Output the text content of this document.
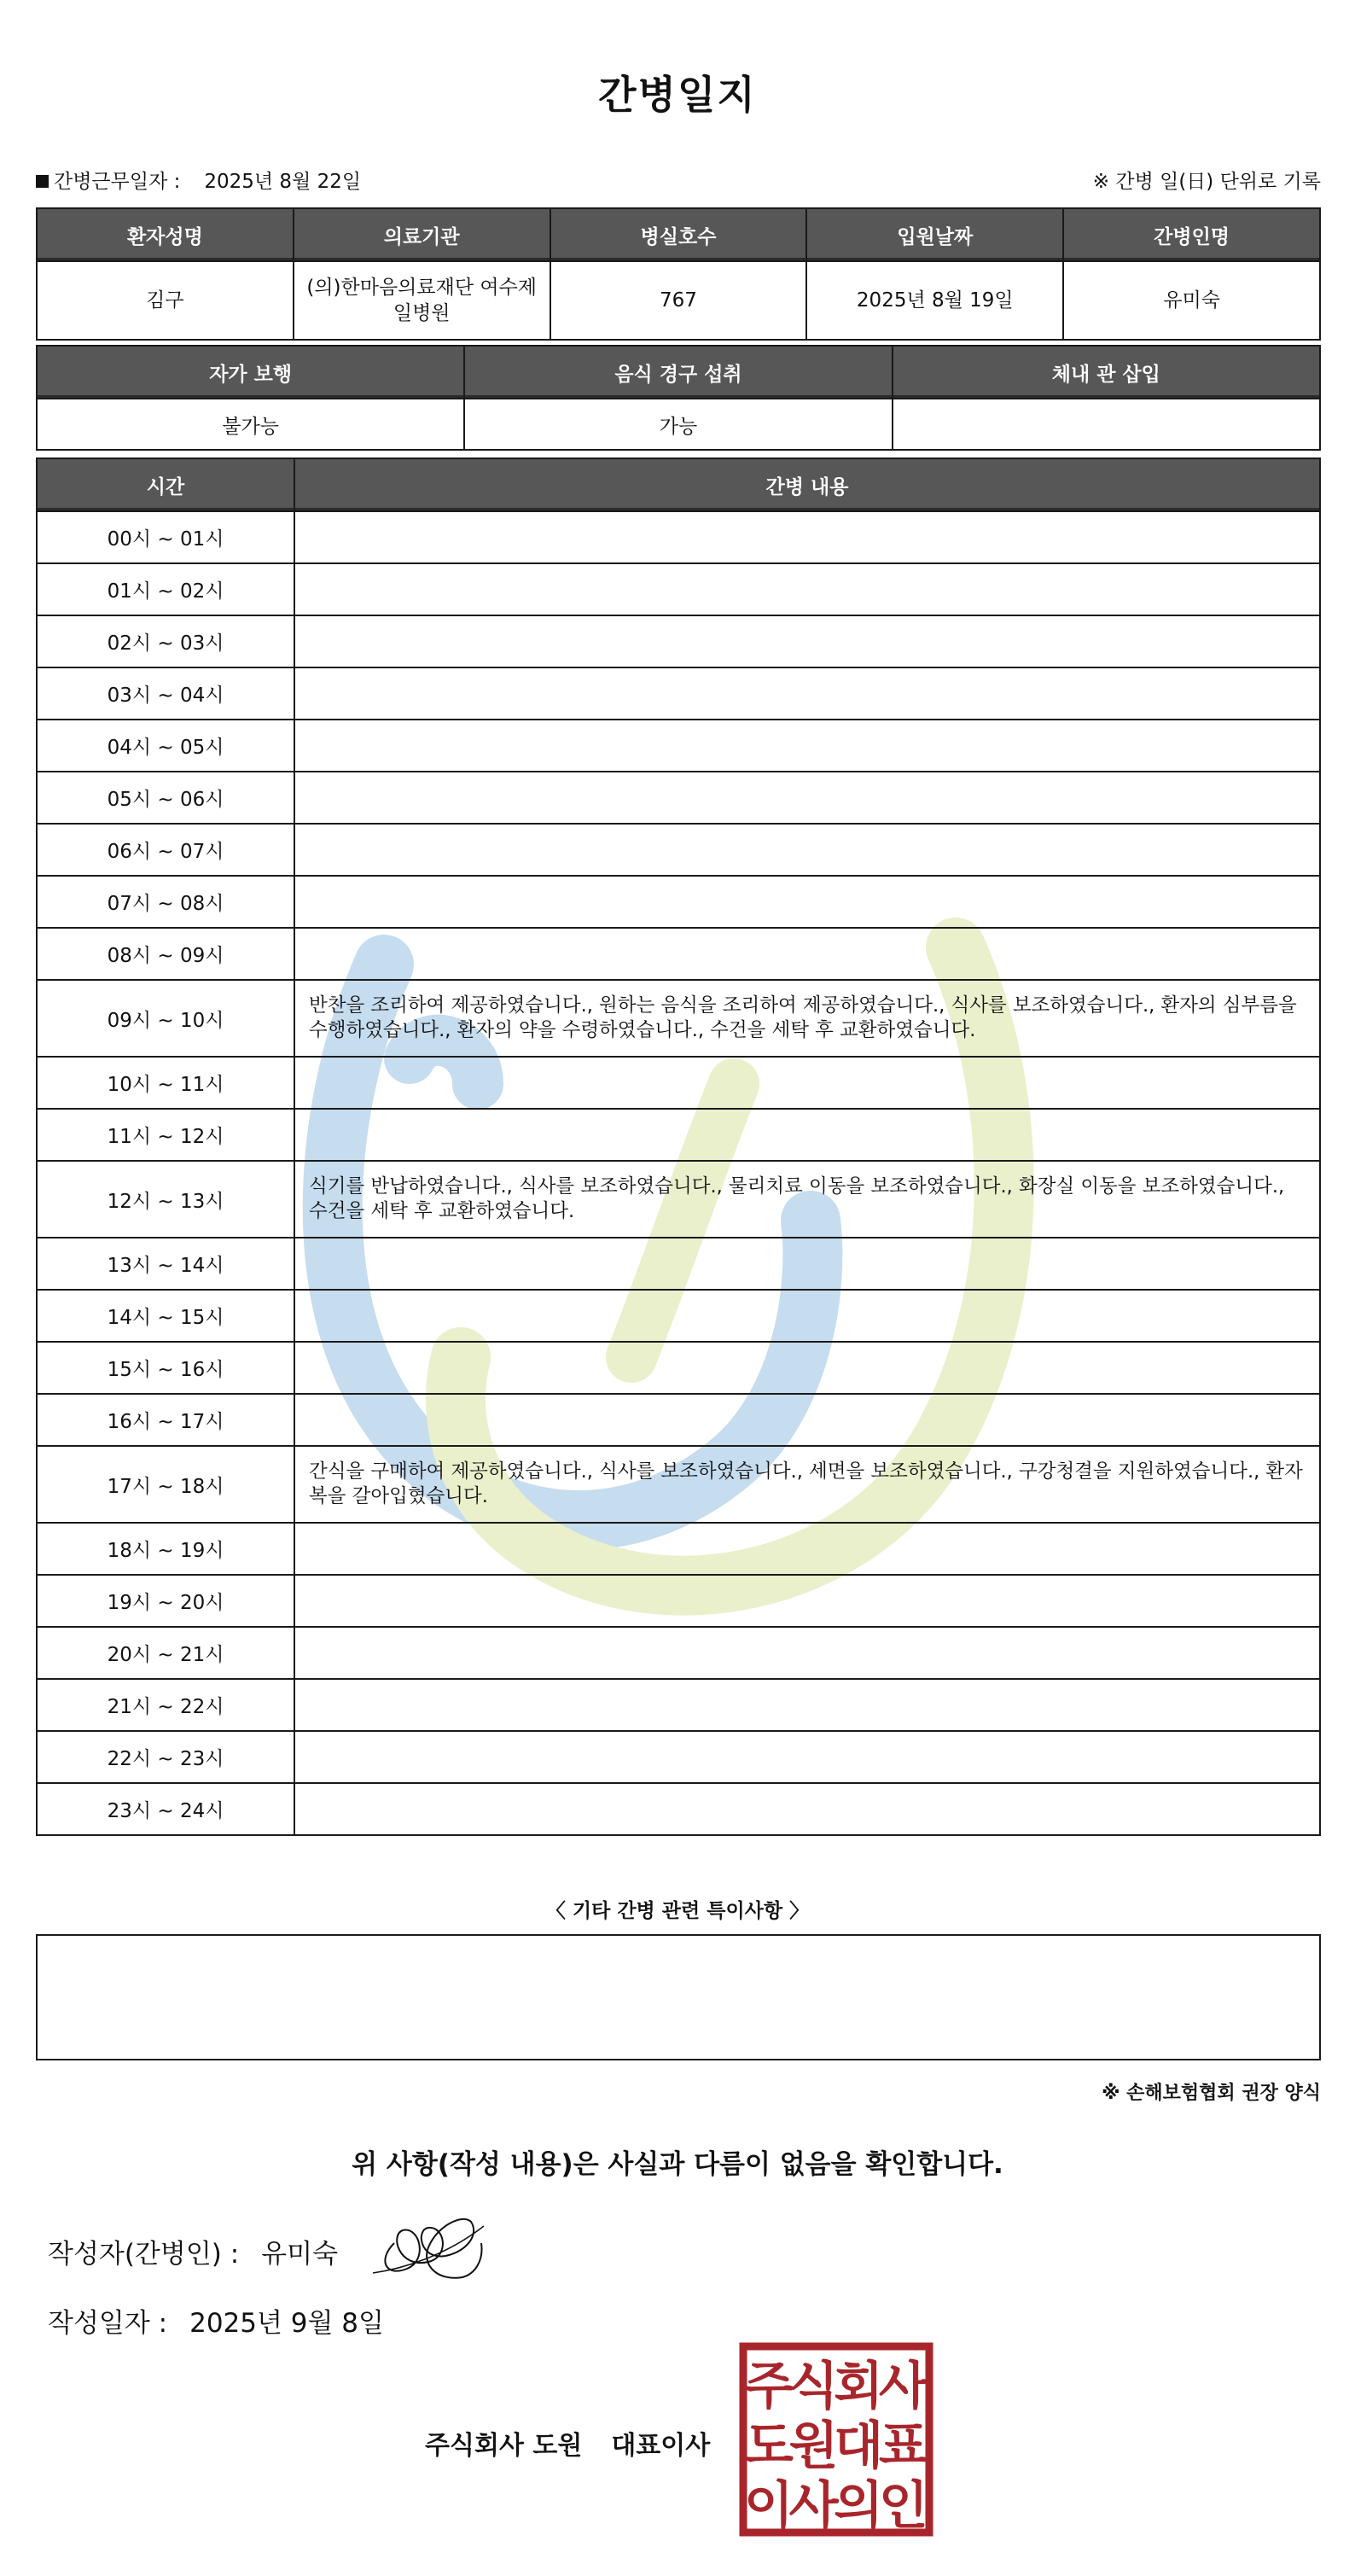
간병일지
간병근무일자 : 2025년 8월 22일	※ 간병 일(日) 단위로 기록
환자성명	의료기관	병실호수	입원날짜	간병인명
김구	(의)한마음의료재단 여수제일병원	767	2025년 8월 19일	유미숙
자가 보행	음식 경구 섭취	체내 관 삽입
불가능	가능	
시간	간병 내용
00시 ~ 01시	
01시 ~ 02시	
02시 ~ 03시	
03시 ~ 04시	
04시 ~ 05시	
05시 ~ 06시	
06시 ~ 07시	
07시 ~ 08시	
08시 ~ 09시	
09시 ~ 10시	반찬을 조리하여 제공하였습니다., 원하는 음식을 조리하여 제공하였습니다., 식사를 보조하였습니다., 환자의 심부름을 수행하였습니다., 환자의 약을 수령하였습니다., 수건을 세탁 후 교환하였습니다.
10시 ~ 11시	
11시 ~ 12시	
12시 ~ 13시	식기를 반납하였습니다., 식사를 보조하였습니다., 물리치료 이동을 보조하였습니다., 화장실 이동을 보조하였습니다., 수건을 세탁 후 교환하였습니다.
13시 ~ 14시	
14시 ~ 15시	
15시 ~ 16시	
16시 ~ 17시	
17시 ~ 18시	간식을 구매하여 제공하였습니다., 식사를 보조하였습니다., 세면을 보조하였습니다., 구강청결을 지원하였습니다., 환자복을 갈아입혔습니다.
18시 ~ 19시	
19시 ~ 20시	
20시 ~ 21시	
21시 ~ 22시	
22시 ~ 23시	
23시 ~ 24시	
〈 기타 간병 관련 특이사항 〉
※ 손해보험협회 권장 양식
위 사항(작성 내용)은 사실과 다름이 없음을 확인합니다.
작성자(간병인) : 유미숙
작성일자 : 2025년 9월 8일
주식회사 도원 대표이사
주
식
회
사
도
원
대
표
이
사
의
인
